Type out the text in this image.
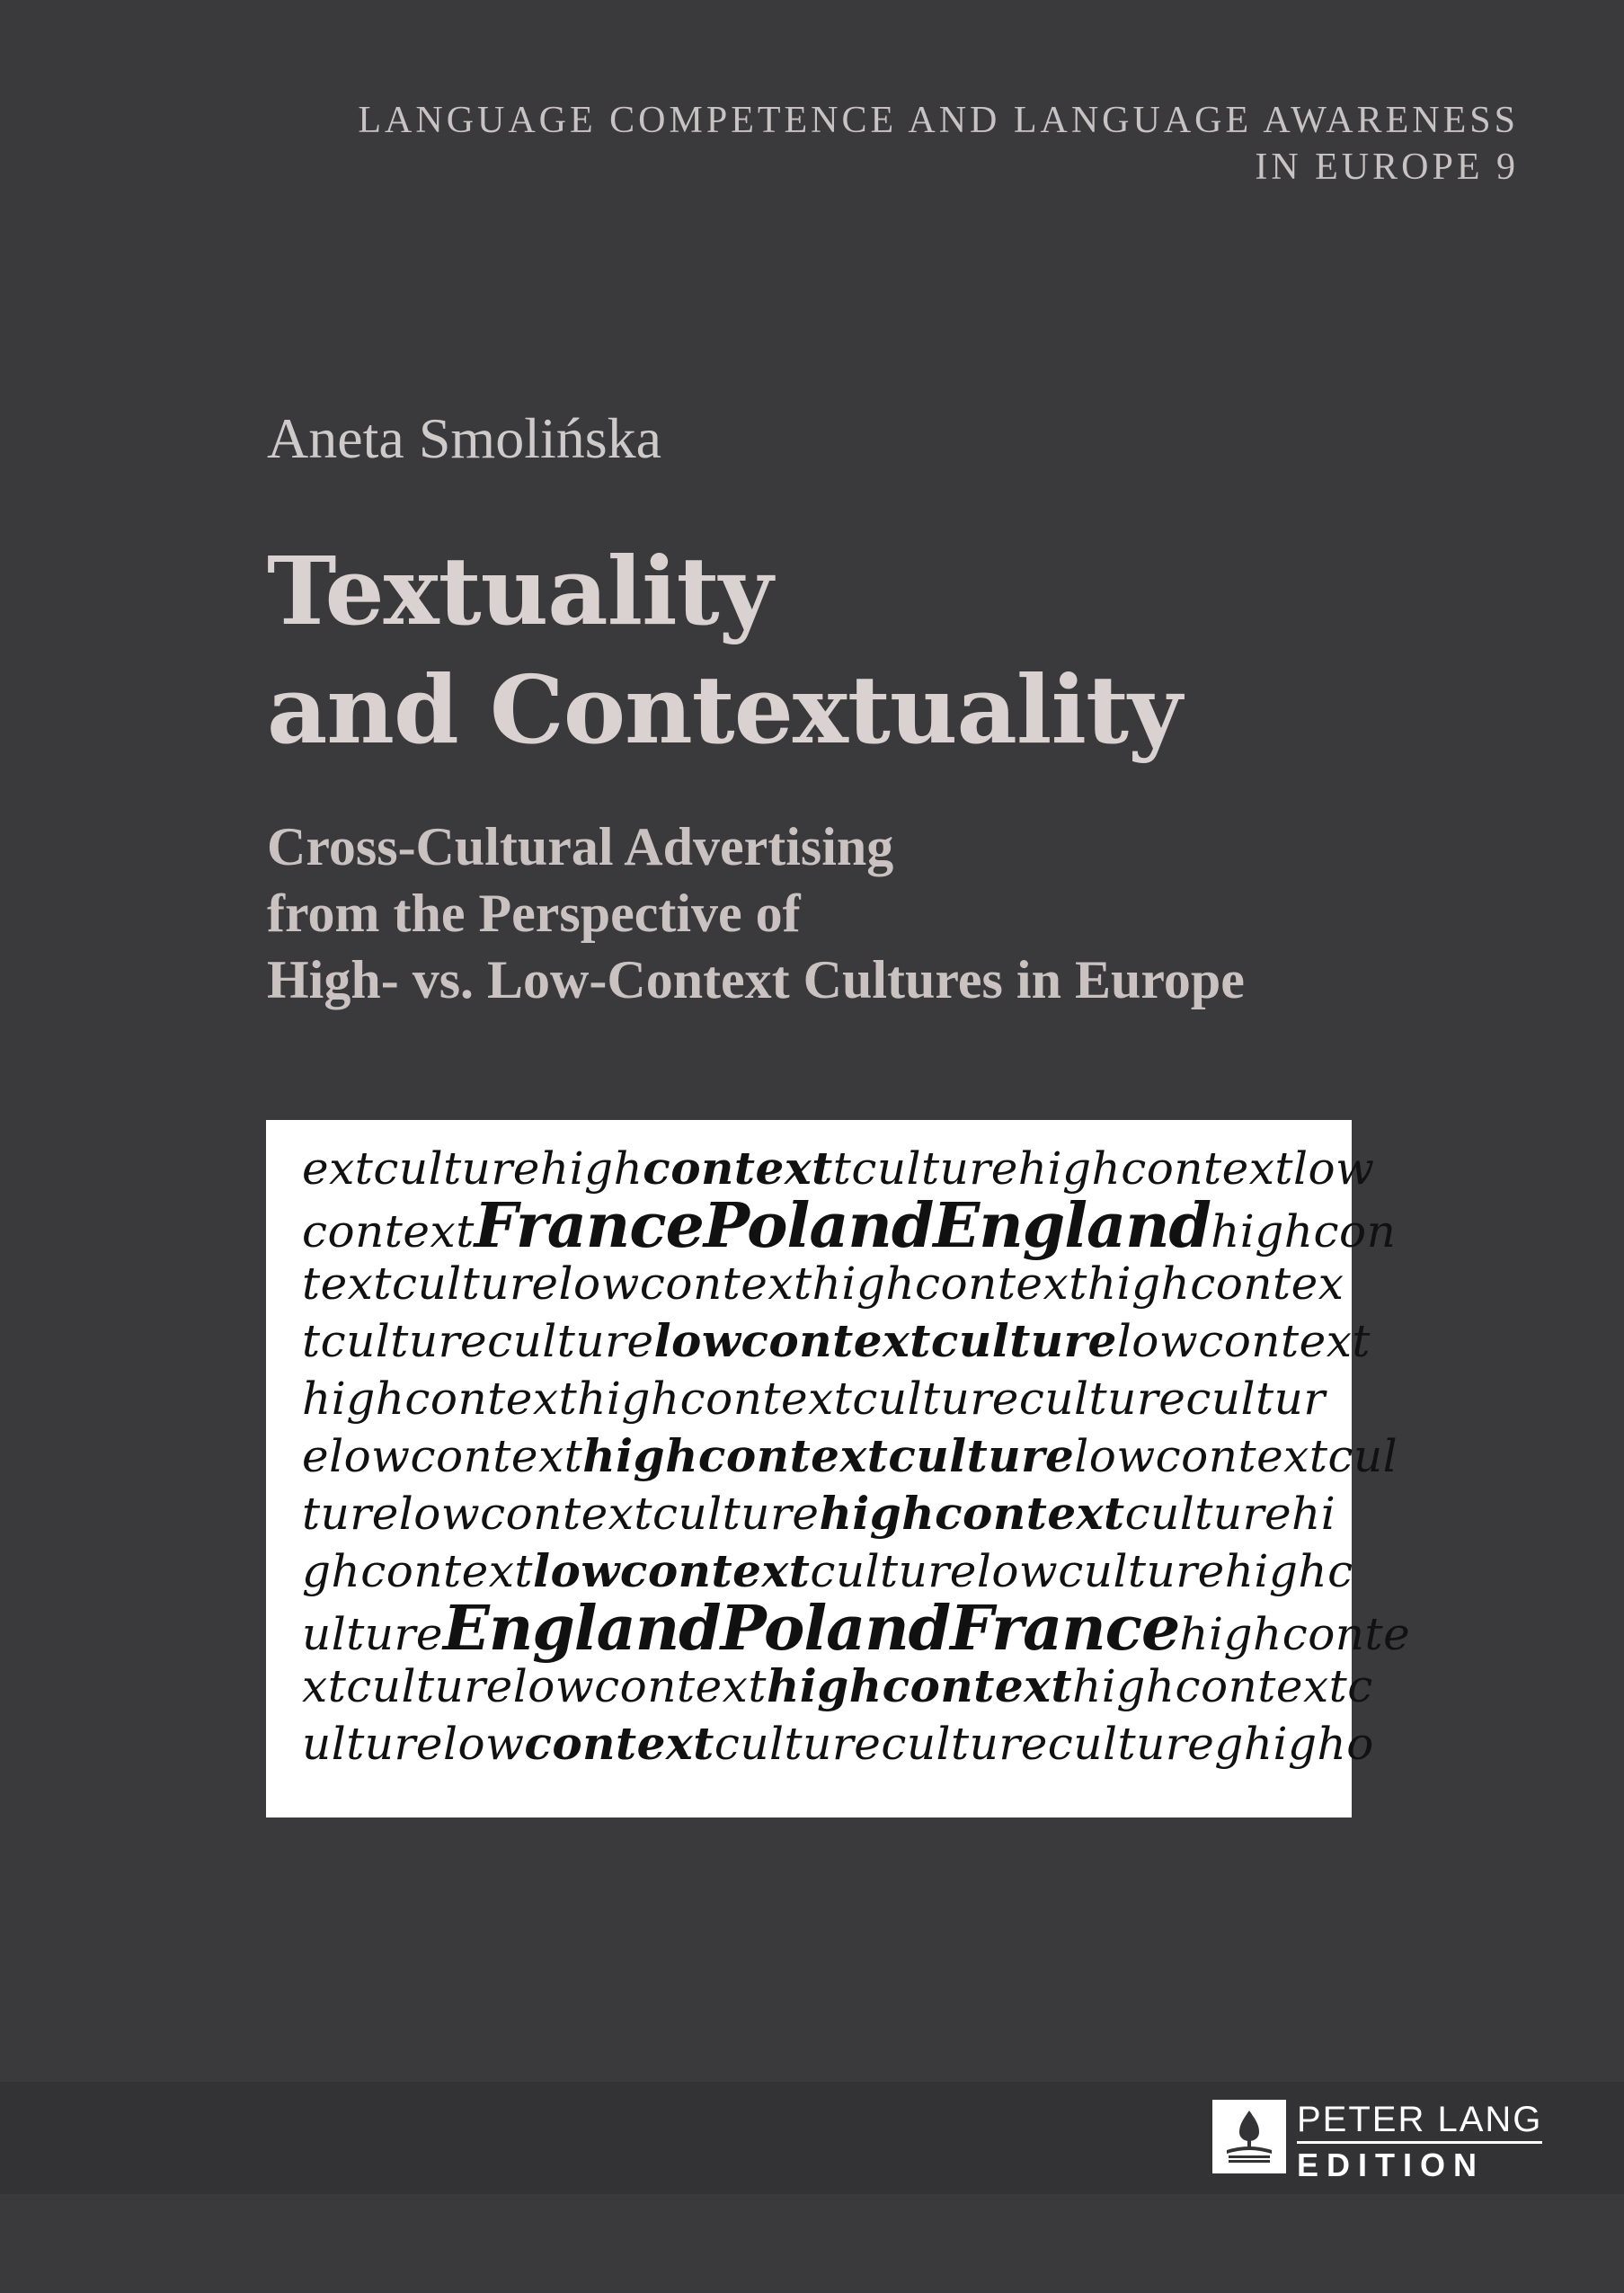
LANGUAGE COMPETENCE AND LANGUAGE AWARENESS
IN EUROPE 9
Aneta Smolińska
Textuality
and Contextuality
Cross-Cultural Advertising
from the Perspective of
High- vs. Low-Context Cultures in Europe
extculturehighcontexttculturehighcontextlow
contextFrancePolandEnglandhighcon
textculturelowcontexthighcontexthighcontex
tcultureculturelowcontextculturelowcontext
highcontexthighcontextcultureculturecultur
elowcontexthighcontextculturelowcontextcul
turelowcontextculturehighcontextculturehi
ghcontextlowcontextculturelowculturehighc
ultureEnglandPolandFrancehighconte
xtculturelowcontexthighcontexthighcontextc
ulturelowcontextcultureculturecultureghigho
PETER LANG
EDITION
